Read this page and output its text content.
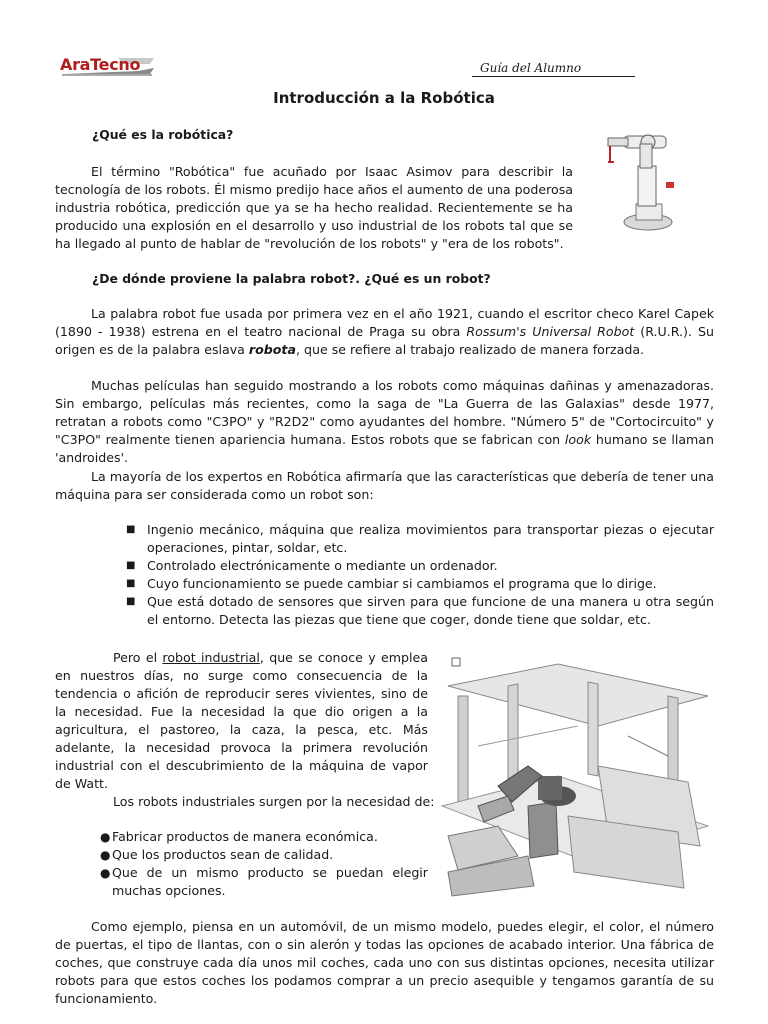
AraTecno	Guía del Alumno
Introducción a la Robótica
¿Qué es la robótica?
El término "Robótica" fue acuñado por Isaac Asimov para describir la tecnología de los robots. Él mismo predijo hace años el aumento de una poderosa industria robótica, predicción que ya se ha hecho realidad. Recientemente se ha producido una explosión en el desarrollo y uso industrial de los robots tal que se ha llegado al punto de hablar de "revolución de los robots" y "era de los robots".
¿De dónde proviene la palabra robot?. ¿Qué es un robot?
La palabra robot fue usada por primera vez en el año 1921, cuando el escritor checo Karel Capek (1890 - 1938) estrena en el teatro nacional de Praga su obra Rossum's Universal Robot (R.U.R.). Su origen es de la palabra eslava robota, que se refiere al trabajo realizado de manera forzada.
Muchas películas han seguido mostrando a los robots como máquinas dañinas y amenazadoras. Sin embargo, películas más recientes, como la saga de "La Guerra de las Galaxias" desde 1977, retratan a robots como "C3PO" y "R2D2" como ayudantes del hombre. "Número 5" de "Cortocircuito" y "C3PO" realmente tienen apariencia humana. Estos robots que se fabrican con look humano se llaman 'androides'.
La mayoría de los expertos en Robótica afirmaría que las características que debería de tener una máquina para ser considerada como un robot son:
■ Ingenio mecánico, máquina que realiza movimientos para transportar piezas o ejecutar operaciones, pintar, soldar, etc.
■ Controlado electrónicamente o mediante un ordenador.
■ Cuyo funcionamiento se puede cambiar si cambiamos el programa que lo dirige.
■ Que está dotado de sensores que sirven para que funcione de una manera u otra según el entorno. Detecta las piezas que tiene que coger, donde tiene que soldar, etc.
Pero el robot industrial, que se conoce y emplea en nuestros días, no surge como consecuencia de la tendencia o afición de reproducir seres vivientes, sino de la necesidad. Fue la necesidad la que dio origen a la agricultura, el pastoreo, la caza, la pesca, etc. Más adelante, la necesidad provoca la primera revolución industrial con el descubrimiento de la máquina de vapor de Watt.
Los robots industriales surgen por la necesidad de:
● Fabricar productos de manera económica.
● Que los productos sean de calidad.
● Que de un mismo producto se puedan elegir muchas opciones.
Como ejemplo, piensa en un automóvil, de un mismo modelo, puedes elegir, el color, el número de puertas, el tipo de llantas, con o sin alerón y todas las opciones de acabado interior. Una fábrica de coches, que construye cada día unos mil coches, cada uno con sus distintas opciones, necesita utilizar robots para que estos coches los podamos comprar a un precio asequible y tengamos garantía de su funcionamiento.
